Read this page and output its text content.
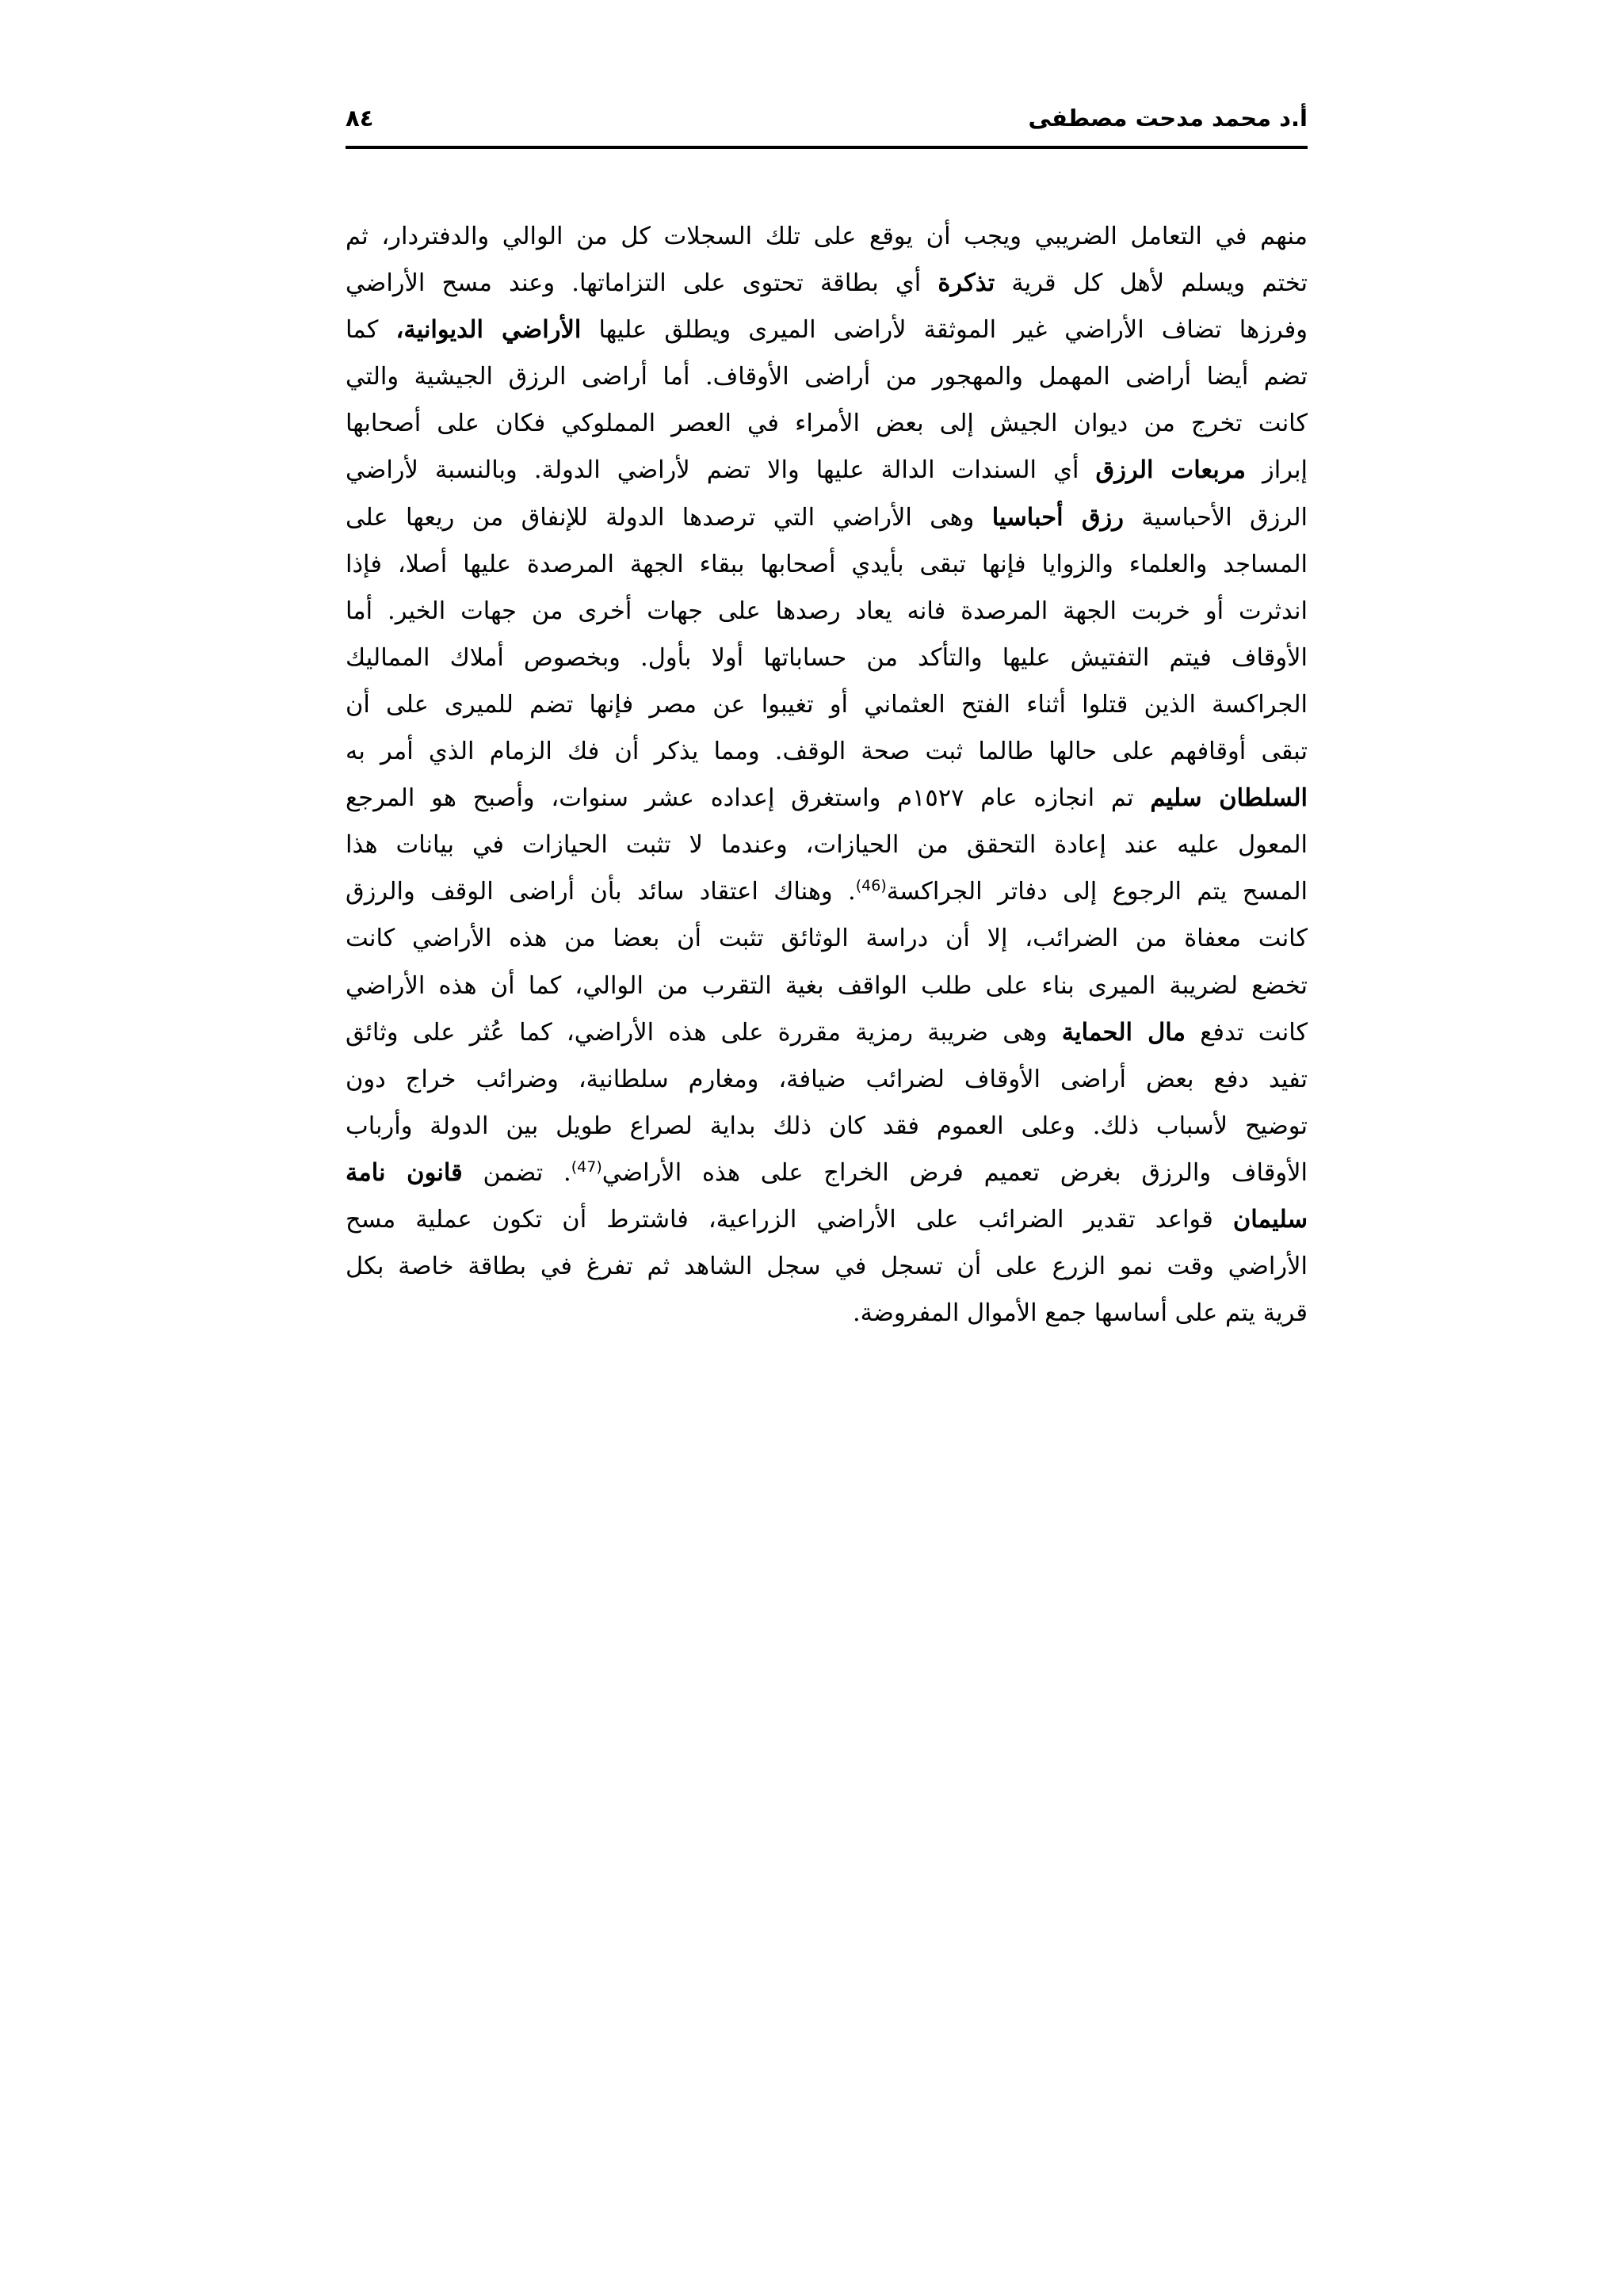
أ.د محمد مدحت مصطفى
٨٤
منهم في التعامل الضريبي ويجب أن يوقع على تلك السجلات كل من الوالي والدفتردار، ثم
تختم ويسلم لأهل كل قرية تذكرة أي بطاقة تحتوى على التزاماتها. وعند مسح الأراضي
وفرزها تضاف الأراضي غير الموثقة لأراضى الميرى ويطلق عليها الأراضي الديوانية، كما
تضم أيضا أراضى المهمل والمهجور من أراضى الأوقاف. أما أراضى الرزق الجيشية والتي
كانت تخرج من ديوان الجيش إلى بعض الأمراء في العصر المملوكي فكان على أصحابها
إبراز مربعات الرزق أي السندات الدالة عليها والا تضم لأراضي الدولة. وبالنسبة لأراضي
الرزق الأحباسية رزق أحباسيا وهى الأراضي التي ترصدها الدولة للإنفاق من ريعها على
المساجد والعلماء والزوايا فإنها تبقى بأيدي أصحابها ببقاء الجهة المرصدة عليها أصلا، فإذا
اندثرت أو خربت الجهة المرصدة فانه يعاد رصدها على جهات أخرى من جهات الخير. أما
الأوقاف فيتم التفتيش عليها والتأكد من حساباتها أولا بأول. وبخصوص أملاك المماليك
الجراكسة الذين قتلوا أثناء الفتح العثماني أو تغيبوا عن مصر فإنها تضم للميرى على أن
تبقى أوقافهم على حالها طالما ثبت صحة الوقف. ومما يذكر أن فك الزمام الذي أمر به
السلطان سليم تم انجازه عام ١٥٢٧م واستغرق إعداده عشر سنوات، وأصبح هو المرجع
المعول عليه عند إعادة التحقق من الحيازات، وعندما لا تثبت الحيازات في بيانات هذا
المسح يتم الرجوع إلى دفاتر الجراكسة$^{(46)}$. وهناك اعتقاد سائد بأن أراضى الوقف والرزق
كانت معفاة من الضرائب، إلا أن دراسة الوثائق تثبت أن بعضا من هذه الأراضي كانت
تخضع لضريبة الميرى بناء على طلب الواقف بغية التقرب من الوالي، كما أن هذه الأراضي
كانت تدفع مال الحماية وهى ضريبة رمزية مقررة على هذه الأراضي، كما عُثر على وثائق
تفيد دفع بعض أراضى الأوقاف لضرائب ضيافة، ومغارم سلطانية، وضرائب خراج دون
توضيح لأسباب ذلك. وعلى العموم فقد كان ذلك بداية لصراع طويل بين الدولة وأرباب
الأوقاف والرزق بغرض تعميم فرض الخراج على هذه الأراضي$^{(47)}$. تضمن قانون نامة
سليمان قواعد تقدير الضرائب على الأراضي الزراعية، فاشترط أن تكون عملية مسح
الأراضي وقت نمو الزرع على أن تسجل في سجل الشاهد ثم تفرغ في بطاقة خاصة بكل
قرية يتم على أساسها جمع الأموال المفروضة.
